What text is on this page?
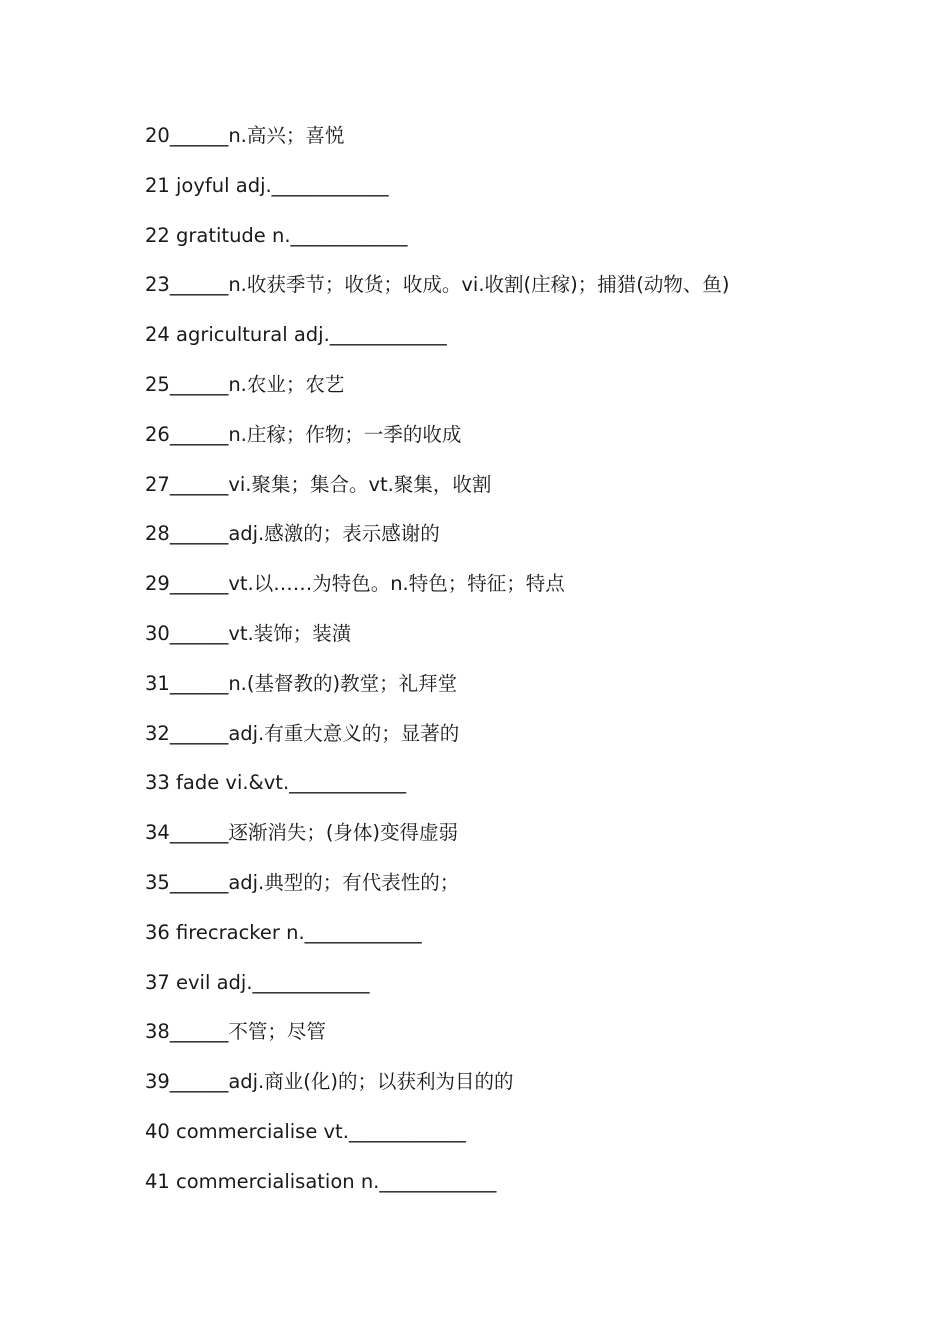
20______n.高兴；喜悦
21 joyful adj.____________
22 gratitude n.____________
23______n.收获季节；收货；收成。vi.收割(庄稼)；捕猎(动物、鱼)
24 agricultural adj.____________
25______n.农业；农艺
26______n.庄稼；作物；一季的收成
27______vi.聚集；集合。vt.聚集，收割
28______adj.感激的；表示感谢的
29______vt.以……为特色。n.特色；特征；特点
30______vt.装饰；装潢
31______n.(基督教的)教堂；礼拜堂
32______adj.有重大意义的；显著的
33 fade vi.&vt.____________
34______逐渐消失；(身体)变得虚弱
35______adj.典型的；有代表性的；
36 firecracker n.____________
37 evil adj.____________
38______不管；尽管
39______adj.商业(化)的；以获利为目的的
40 commercialise vt.____________
41 commercialisation n.____________
